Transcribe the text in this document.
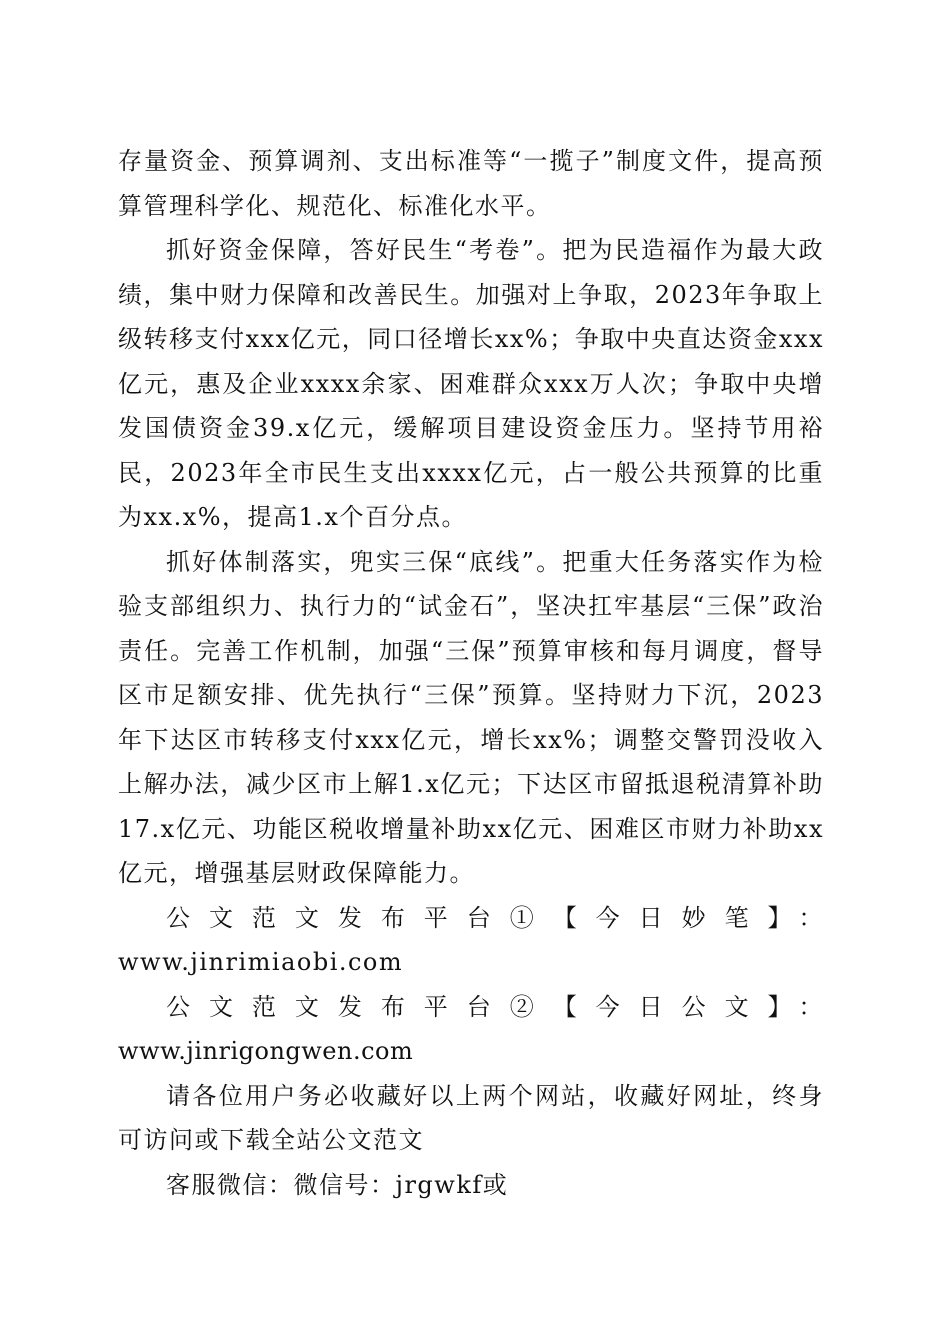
存量资金、预算调剂、支出标准等“一揽子”制度文件，提高预算管理科学化、规范化、标准化水平。

抓好资金保障，答好民生“考卷”。把为民造福作为最大政绩，集中财力保障和改善民生。加强对上争取，2023年争取上级转移支付xxx亿元，同口径增长xx%；争取中央直达资金xxx亿元，惠及企业xxxx余家、困难群众xxx万人次；争取中央增发国债资金39.x亿元，缓解项目建设资金压力。坚持节用裕民，2023年全市民生支出xxxx亿元，占一般公共预算的比重为xx.x%，提高1.x个百分点。

抓好体制落实，兜实三保“底线”。把重大任务落实作为检验支部组织力、执行力的“试金石”，坚决扛牢基层“三保”政治责任。完善工作机制，加强“三保”预算审核和每月调度，督导区市足额安排、优先执行“三保”预算。坚持财力下沉，2023年下达区市转移支付xxx亿元，增长xx%；调整交警罚没收入上解办法，减少区市上解1.x亿元；下达区市留抵退税清算补助17.x亿元、功能区税收增量补助xx亿元、困难区市财力补助xx亿元，增强基层财政保障能力。

公文范文发布平台①【今日妙笔】：www.jinrimiaobi.com

公文范文发布平台②【今日公文】：

www.jinrigongwen.com

请各位用户务必收藏好以上两个网站，收藏好网址，终身可访问或下载全站公文范文

客服微信：微信号：jrgwkf或
